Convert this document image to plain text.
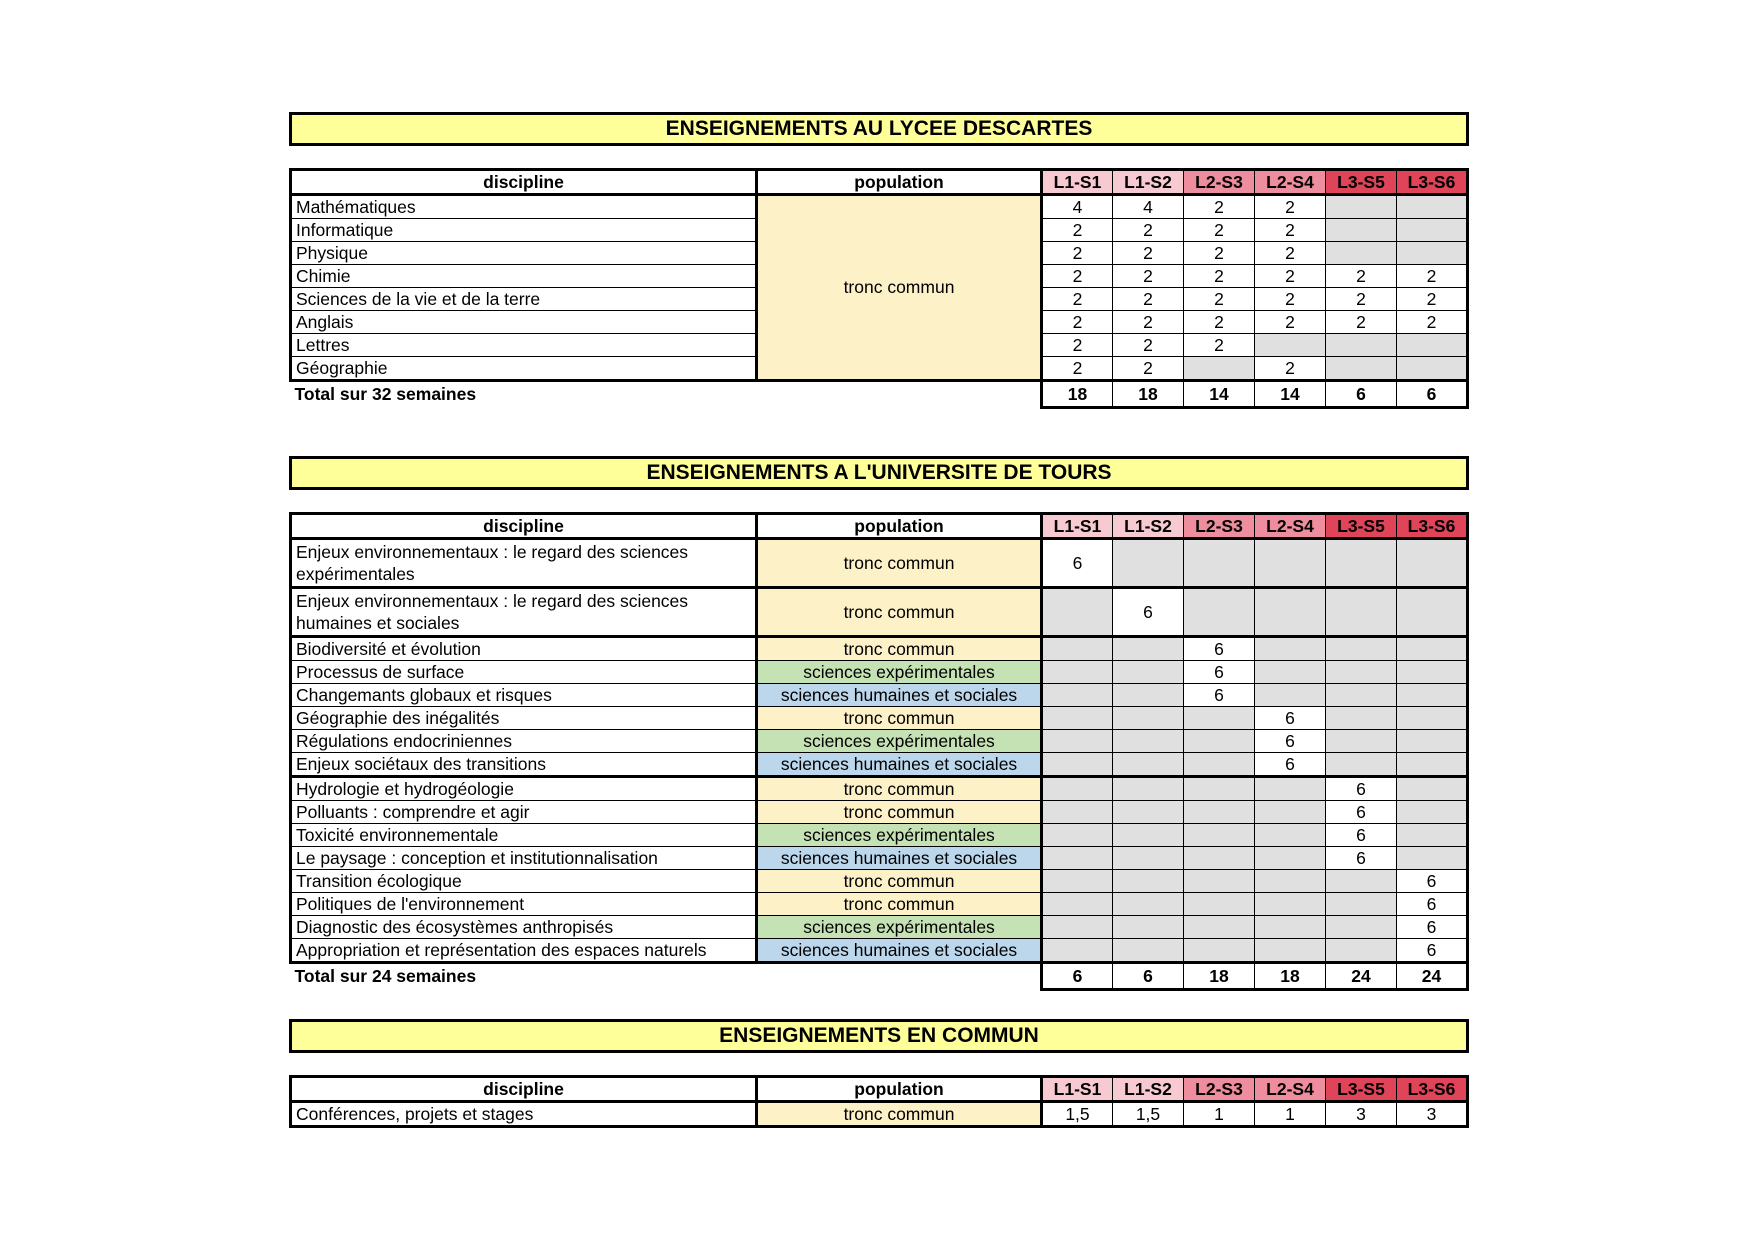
ENSEIGNEMENTS AU LYCEE DESCARTES
discipline	population	L1-S1	L1-S2	L2-S3	L2-S4	L3-S5	L3-S6
Mathématiques	tronc commun	4	4	2	2		
Informatique		2	2	2	2		
Physique		2	2	2	2		
Chimie		2	2	2	2	2	2
Sciences de la vie et de la terre		2	2	2	2	2	2
Anglais		2	2	2	2	2	2
Lettres		2	2	2			
Géographie		2	2		2		
Total sur 32 semaines		18	18	14	14	6	6
ENSEIGNEMENTS A L'UNIVERSITE DE TOURS
discipline	population	L1-S1	L1-S2	L2-S3	L2-S4	L3-S5	L3-S6
Enjeux environnementaux : le regard des sciences expérimentales	tronc commun	6					
Enjeux environnementaux : le regard des sciences humaines et sociales	tronc commun		6				
Biodiversité et évolution	tronc commun			6			
Processus de surface	sciences expérimentales			6			
Changemants globaux et risques	sciences humaines et sociales			6			
Géographie des inégalités	tronc commun				6		
Régulations endocriniennes	sciences expérimentales				6		
Enjeux sociétaux des transitions	sciences humaines et sociales				6		
Hydrologie et hydrogéologie	tronc commun					6	
Polluants : comprendre et agir	tronc commun					6	
Toxicité environnementale	sciences expérimentales					6	
Le paysage : conception et institutionnalisation	sciences humaines et sociales					6	
Transition écologique	tronc commun						6
Politiques de l'environnement	tronc commun						6
Diagnostic des écosystèmes anthropisés	sciences expérimentales						6
Appropriation et représentation des espaces naturels	sciences humaines et sociales						6
Total sur 24 semaines		6	6	18	18	24	24
ENSEIGNEMENTS EN COMMUN
discipline	population	L1-S1	L1-S2	L2-S3	L2-S4	L3-S5	L3-S6
Conférences, projets et stages	tronc commun	1,5	1,5	1	1	3	3
